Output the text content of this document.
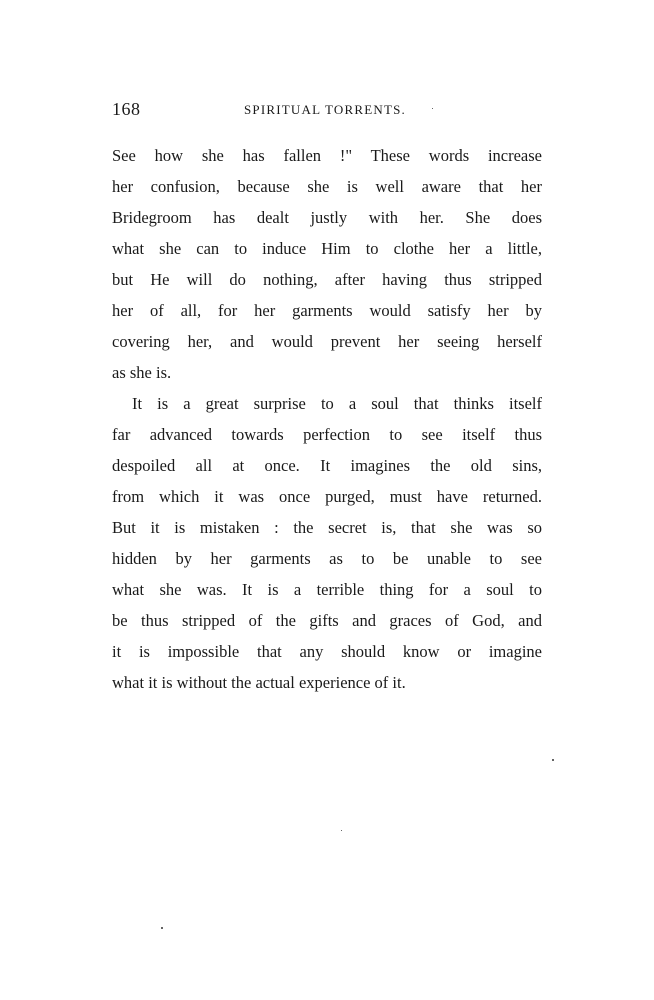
168	SPIRITUAL TORRENTS.
See how she has fallen !" These words increase
her confusion, because she is well aware that her
Bridegroom has dealt justly with her. She does
what she can to induce Him to clothe her a little,
but He will do nothing, after having thus stripped
her of all, for her garments would satisfy her by
covering her, and would prevent her seeing herself
as she is.
It is a great surprise to a soul that thinks itself
far advanced towards perfection to see itself thus
despoiled all at once. It imagines the old sins,
from which it was once purged, must have returned.
But it is mistaken : the secret is, that she was so
hidden by her garments as to be unable to see
what she was. It is a terrible thing for a soul to
be thus stripped of the gifts and graces of God, and
it is impossible that any should know or imagine
what it is without the actual experience of it.
